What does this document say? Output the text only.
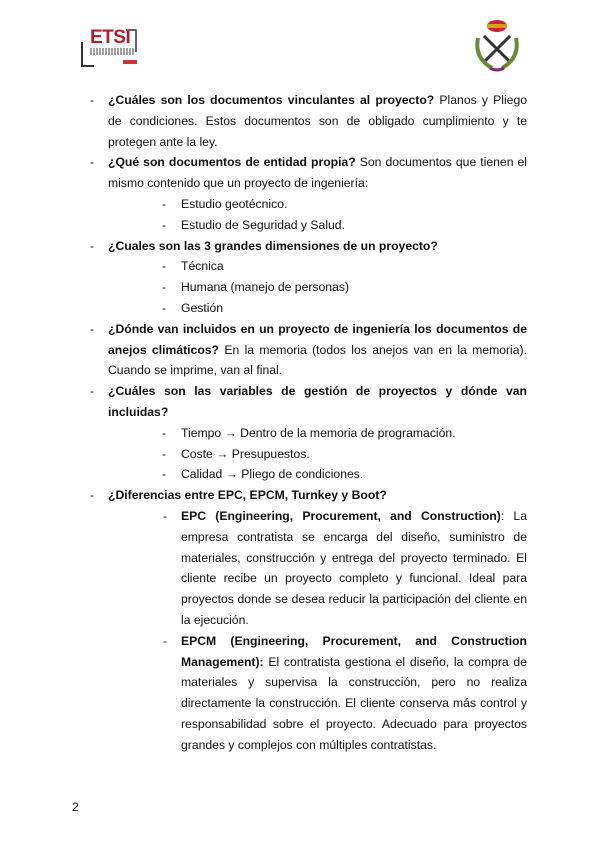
ETSI
- ¿Cuáles son los documentos vinculantes al proyecto? Planos y Pliego de condiciones. Estos documentos son de obligado cumplimiento y te protegen ante la ley.
- ¿Qué son documentos de entidad propia? Son documentos que tienen el mismo contenido que un proyecto de ingeniería:
- Estudio geotécnico.
- Estudio de Seguridad y Salud.
- ¿Cuales son las 3 grandes dimensiones de un proyecto?
- Técnica
- Humana (manejo de personas)
- Gestión
- ¿Dónde van incluidos en un proyecto de ingeniería los documentos de anejos climáticos? En la memoria (todos los anejos van en la memoria). Cuando se imprime, van al final.
- ¿Cuáles son las variables de gestión de proyectos y dónde van incluidas?
- Tiempo → Dentro de la memoria de programación.
- Coste → Presupuestos.
- Calidad → Pliego de condiciones.
- ¿Diferencias entre EPC, EPCM, Turnkey y Boot?
- EPC (Engineering, Procurement, and Construction): La empresa contratista se encarga del diseño, suministro de materiales, construcción y entrega del proyecto terminado. El cliente recibe un proyecto completo y funcional. Ideal para proyectos donde se desea reducir la participación del cliente en la ejecución.
- EPCM (Engineering, Procurement, and Construction Management): El contratista gestiona el diseño, la compra de materiales y supervisa la construcción, pero no realiza directamente la construcción. El cliente conserva más control y responsabilidad sobre el proyecto. Adecuado para proyectos grandes y complejos con múltiples contratistas.
2
